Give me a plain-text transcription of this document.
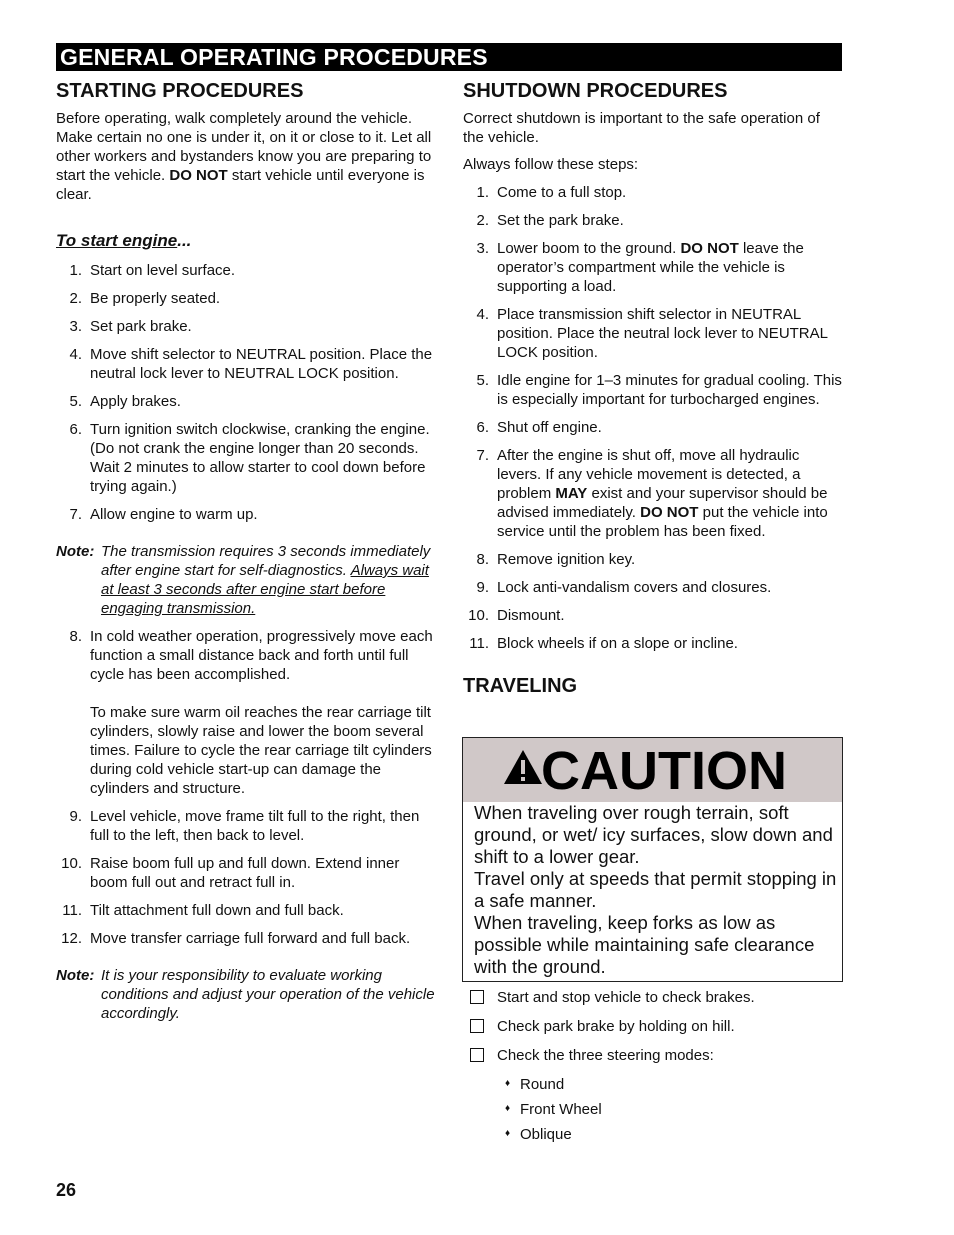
GENERAL OPERATING PROCEDURES
STARTING PROCEDURES

Before operating, walk completely around the vehicle. Make certain no one is under it, on it or close to it. Let all other workers and bystanders know you are preparing to start the vehicle. DO NOT start vehicle until everyone is clear.

To start engine...
1. Start on level surface.
2. Be properly seated.
3. Set park brake.
4. Move shift selector to NEUTRAL position. Place the neutral lock lever to NEUTRAL LOCK position.
5. Apply brakes.
6. Turn ignition switch clockwise, cranking the engine. (Do not crank the engine longer than 20 seconds. Wait 2 minutes to allow starter to cool down before trying again.)
7. Allow engine to warm up.
Note: The transmission requires 3 seconds immediately after engine start for self-diagnostics. Always wait at least 3 seconds after engine start before engaging transmission.
8. In cold weather operation, progressively move each function a small distance back and forth until full cycle has been accomplished.

To make sure warm oil reaches the rear carriage tilt cylinders, slowly raise and lower the boom several times. Failure to cycle the rear carriage tilt cylinders during cold vehicle start-up can damage the cylinders and structure.
9. Level vehicle, move frame tilt full to the right, then full to the left, then back to level.
10. Raise boom full up and full down. Extend inner boom full out and retract full in.
11. Tilt attachment full down and full back.
12. Move transfer carriage full forward and full back.
Note: It is your responsibility to evaluate working conditions and adjust your operation of the vehicle accordingly.
SHUTDOWN PROCEDURES

Correct shutdown is important to the safe operation of the vehicle.

Always follow these steps:

1. Come to a full stop.
2. Set the park brake.
3. Lower boom to the ground. DO NOT leave the operator’s compartment while the vehicle is supporting a load.
4. Place transmission shift selector in NEUTRAL position. Place the neutral lock lever to NEUTRAL LOCK position.
5. Idle engine for 1–3 minutes for gradual cooling. This is especially important for turbocharged engines.
6. Shut off engine.
7. After the engine is shut off, move all hydraulic levers. If any vehicle movement is detected, a problem MAY exist and your supervisor should be advised immediately. DO NOT put the vehicle into service until the problem has been fixed.
8. Remove ignition key.
9. Lock anti-vandalism covers and closures.
10. Dismount.
11. Block wheels if on a slope or incline.
TRAVELING
CAUTION
When traveling over rough terrain, soft ground, or wet/ icy surfaces, slow down and shift to a lower gear.
Travel only at speeds that permit stopping in a safe manner.
When traveling, keep forks as low as possible while maintaining safe clearance with the ground.
Start and stop vehicle to check brakes.
Check park brake by holding on hill.
Check the three steering modes:
♦ Round
♦ Front Wheel
♦ Oblique
26
